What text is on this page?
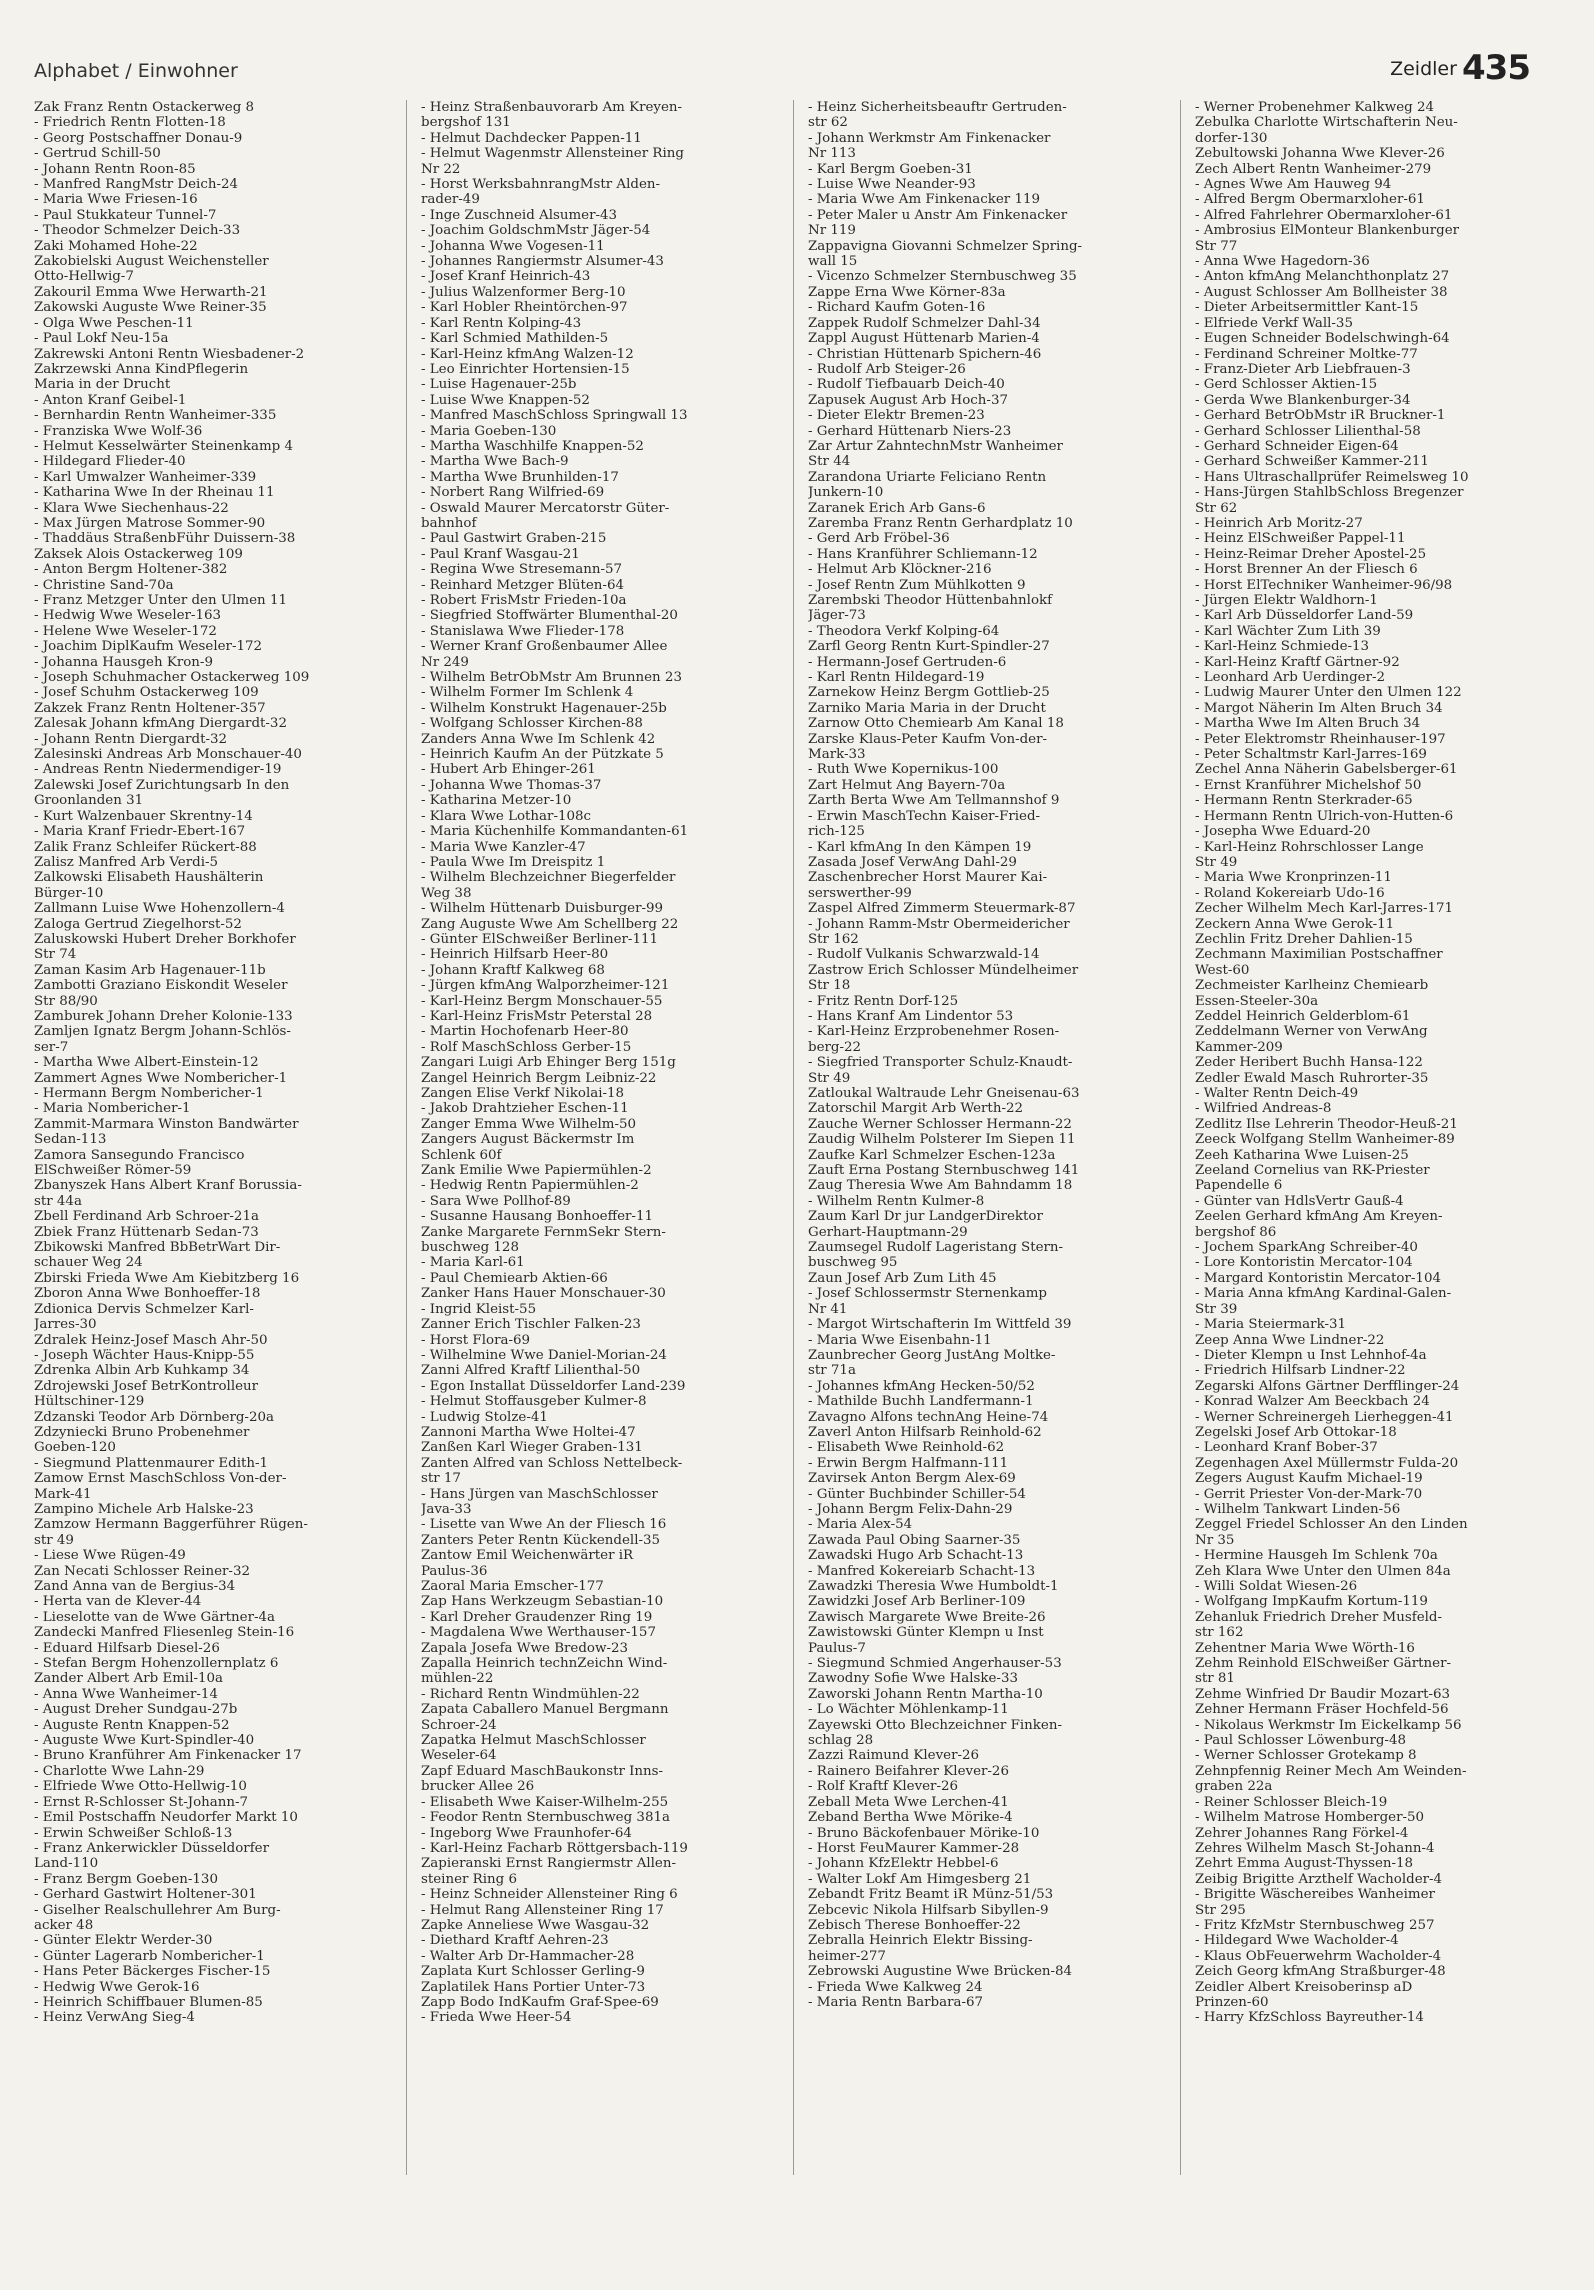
Alphabet / Einwohner	Zeidler 435
Zak Franz Rentn Ostackerweg 8
- Friedrich Rentn Flotten-18
- Georg Postschaffner Donau-9
- Gertrud Schill-50
- Johann Rentn Roon-85
- Manfred RangMstr Deich-24
- Maria Wwe Friesen-16
- Paul Stukkateur Tunnel-7
- Theodor Schmelzer Deich-33
Zaki Mohamed Hohe-22
Zakobielski August Weichensteller
Otto-Hellwig-7
Zakouril Emma Wwe Herwarth-21
Zakowski Auguste Wwe Reiner-35
- Olga Wwe Peschen-11
- Paul Lokf Neu-15a
Zakrewski Antoni Rentn Wiesbadener-2
Zakrzewski Anna KindPflegerin
Maria in der Drucht
- Anton Kranf Geibel-1
- Bernhardin Rentn Wanheimer-335
- Franziska Wwe Wolf-36
- Helmut Kesselwärter Steinenkamp 4
- Hildegard Flieder-40
- Karl Umwalzer Wanheimer-339
- Katharina Wwe In der Rheinau 11
- Klara Wwe Siechenhaus-22
- Max Jürgen Matrose Sommer-90
- Thaddäus StraßenbFühr Duissern-38
Zaksek Alois Ostackerweg 109
- Anton Bergm Holtener-382
- Christine Sand-70a
- Franz Metzger Unter den Ulmen 11
- Hedwig Wwe Weseler-163
- Helene Wwe Weseler-172
- Joachim DiplKaufm Weseler-172
- Johanna Hausgeh Kron-9
- Joseph Schuhmacher Ostackerweg 109
- Josef Schuhm Ostackerweg 109
Zakzek Franz Rentn Holtener-357
Zalesak Johann kfmAng Diergardt-32
- Johann Rentn Diergardt-32
Zalesinski Andreas Arb Monschauer-40
- Andreas Rentn Niedermendiger-19
Zalewski Josef Zurichtungsarb In den
Groonlanden 31
- Kurt Walzenbauer Skrentny-14
- Maria Kranf Friedr-Ebert-167
Zalik Franz Schleifer Rückert-88
Zalisz Manfred Arb Verdi-5
Zalkowski Elisabeth Haushälterin
Bürger-10
Zallmann Luise Wwe Hohenzollern-4
Zaloga Gertrud Ziegelhorst-52
Zaluskowski Hubert Dreher Borkhofer
Str 74
Zaman Kasim Arb Hagenauer-11b
Zambotti Graziano Eiskondit Weseler
Str 88/90
Zamburek Johann Dreher Kolonie-133
Zamljen Ignatz Bergm Johann-Schlös-
ser-7
- Martha Wwe Albert-Einstein-12
Zammert Agnes Wwe Nombericher-1
- Hermann Bergm Nombericher-1
- Maria Nombericher-1
Zammit-Marmara Winston Bandwärter
Sedan-113
Zamora Sansegundo Francisco
ElSchweißer Römer-59
Zbanyszek Hans Albert Kranf Borussia-
str 44a
Zbell Ferdinand Arb Schroer-21a
Zbiek Franz Hüttenarb Sedan-73
Zbikowski Manfred BbBetrWart Dir-
schauer Weg 24
Zbirski Frieda Wwe Am Kiebitzberg 16
Zboron Anna Wwe Bonhoeffer-18
Zdionica Dervis Schmelzer Karl-
Jarres-30
Zdralek Heinz-Josef Masch Ahr-50
- Joseph Wächter Haus-Knipp-55
Zdrenka Albin Arb Kuhkamp 34
Zdrojewski Josef BetrKontrolleur
Hültschiner-129
Zdzanski Teodor Arb Dörnberg-20a
Zdzyniecki Bruno Probenehmer
Goeben-120
- Siegmund Plattenmaurer Edith-1
Zamow Ernst MaschSchloss Von-der-
Mark-41
Zampino Michele Arb Halske-23
Zamzow Hermann Baggerführer Rügen-
str 49
- Liese Wwe Rügen-49
Zan Necati Schlosser Reiner-32
Zand Anna van de Bergius-34
- Herta van de Klever-44
- Lieselotte van de Wwe Gärtner-4a
Zandecki Manfred Fliesenleg Stein-16
- Eduard Hilfsarb Diesel-26
- Stefan Bergm Hohenzollernplatz 6
Zander Albert Arb Emil-10a
- Anna Wwe Wanheimer-14
- August Dreher Sundgau-27b
- Auguste Rentn Knappen-52
- Auguste Wwe Kurt-Spindler-40
- Bruno Kranführer Am Finkenacker 17
- Charlotte Wwe Lahn-29
- Elfriede Wwe Otto-Hellwig-10
- Ernst R-Schlosser St-Johann-7
- Emil Postschaffn Neudorfer Markt 10
- Erwin Schweißer Schloß-13
- Franz Ankerwickler Düsseldorfer
Land-110
- Franz Bergm Goeben-130
- Gerhard Gastwirt Holtener-301
- Giselher Realschullehrer Am Burg-
acker 48
- Günter Elektr Werder-30
- Günter Lagerarb Nombericher-1
- Hans Peter Bäckerges Fischer-15
- Hedwig Wwe Gerok-16
- Heinrich Schiffbauer Blumen-85
- Heinz VerwAng Sieg-4
- Heinz Straßenbauvorarb Am Kreyen-
bergshof 131
- Helmut Dachdecker Pappen-11
- Helmut Wagenmstr Allensteiner Ring
Nr 22
- Horst WerksbahnrangMstr Alden-
rader-49
- Inge Zuschneid Alsumer-43
- Joachim GoldschmMstr Jäger-54
- Johanna Wwe Vogesen-11
- Johannes Rangiermstr Alsumer-43
- Josef Kranf Heinrich-43
- Julius Walzenformer Berg-10
- Karl Hobler Rheintörchen-97
- Karl Rentn Kolping-43
- Karl Schmied Mathilden-5
- Karl-Heinz kfmAng Walzen-12
- Leo Einrichter Hortensien-15
- Luise Hagenauer-25b
- Luise Wwe Knappen-52
- Manfred MaschSchloss Springwall 13
- Maria Goeben-130
- Martha Waschhilfe Knappen-52
- Martha Wwe Bach-9
- Martha Wwe Brunhilden-17
- Norbert Rang Wilfried-69
- Oswald Maurer Mercatorstr Güter-
bahnhof
- Paul Gastwirt Graben-215
- Paul Kranf Wasgau-21
- Regina Wwe Stresemann-57
- Reinhard Metzger Blüten-64
- Robert FrisMstr Frieden-10a
- Siegfried Stoffwärter Blumenthal-20
- Stanislawa Wwe Flieder-178
- Werner Kranf Großenbaumer Allee
Nr 249
- Wilhelm BetrObMstr Am Brunnen 23
- Wilhelm Former Im Schlenk 4
- Wilhelm Konstrukt Hagenauer-25b
- Wolfgang Schlosser Kirchen-88
Zanders Anna Wwe Im Schlenk 42
- Heinrich Kaufm An der Pützkate 5
- Hubert Arb Ehinger-261
- Johanna Wwe Thomas-37
- Katharina Metzer-10
- Klara Wwe Lothar-108c
- Maria Küchenhilfe Kommandanten-61
- Maria Wwe Kanzler-47
- Paula Wwe Im Dreispitz 1
- Wilhelm Blechzeichner Biegerfelder
Weg 38
- Wilhelm Hüttenarb Duisburger-99
Zang Auguste Wwe Am Schellberg 22
- Günter ElSchweißer Berliner-111
- Heinrich Hilfsarb Heer-80
- Johann Kraftf Kalkweg 68
- Jürgen kfmAng Walporzheimer-121
- Karl-Heinz Bergm Monschauer-55
- Karl-Heinz FrisMstr Peterstal 28
- Martin Hochofenarb Heer-80
- Rolf MaschSchloss Gerber-15
Zangari Luigi Arb Ehinger Berg 151g
Zangel Heinrich Bergm Leibniz-22
Zangen Elise Verkf Nikolai-18
- Jakob Drahtzieher Eschen-11
Zanger Emma Wwe Wilhelm-50
Zangers August Bäckermstr Im
Schlenk 60f
Zank Emilie Wwe Papiermühlen-2
- Hedwig Rentn Papiermühlen-2
- Sara Wwe Pollhof-89
- Susanne Hausang Bonhoeffer-11
Zanke Margarete FernmSekr Stern-
buschweg 128
- Maria Karl-61
- Paul Chemiearb Aktien-66
Zanker Hans Hauer Monschauer-30
- Ingrid Kleist-55
Zanner Erich Tischler Falken-23
- Horst Flora-69
- Wilhelmine Wwe Daniel-Morian-24
Zanni Alfred Kraftf Lilienthal-50
- Egon Installat Düsseldorfer Land-239
- Helmut Stoffausgeber Kulmer-8
- Ludwig Stolze-41
Zannoni Martha Wwe Holtei-47
Zanßen Karl Wieger Graben-131
Zanten Alfred van Schloss Nettelbeck-
str 17
- Hans Jürgen van MaschSchlosser
Java-33
- Lisette van Wwe An der Fliesch 16
Zanters Peter Rentn Kückendell-35
Zantow Emil Weichenwärter iR
Paulus-36
Zaoral Maria Emscher-177
Zap Hans Werkzeugm Sebastian-10
- Karl Dreher Graudenzer Ring 19
- Magdalena Wwe Werthauser-157
Zapala Josefa Wwe Bredow-23
Zapalla Heinrich technZeichn Wind-
mühlen-22
- Richard Rentn Windmühlen-22
Zapata Caballero Manuel Bergmann
Schroer-24
Zapatka Helmut MaschSchlosser
Weseler-64
Zapf Eduard MaschBaukonstr Inns-
brucker Allee 26
- Elisabeth Wwe Kaiser-Wilhelm-255
- Feodor Rentn Sternbuschweg 381a
- Ingeborg Wwe Fraunhofer-64
- Karl-Heinz Facharb Röttgersbach-119
Zapieranski Ernst Rangiermstr Allen-
steiner Ring 6
- Heinz Schneider Allensteiner Ring 6
- Helmut Rang Allensteiner Ring 17
Zapke Anneliese Wwe Wasgau-32
- Diethard Kraftf Aehren-23
- Walter Arb Dr-Hammacher-28
Zaplata Kurt Schlosser Gerling-9
Zaplatilek Hans Portier Unter-73
Zapp Bodo IndKaufm Graf-Spee-69
- Frieda Wwe Heer-54
- Heinz Sicherheitsbeauftr Gertruden-
str 62
- Johann Werkmstr Am Finkenacker
Nr 113
- Karl Bergm Goeben-31
- Luise Wwe Neander-93
- Maria Wwe Am Finkenacker 119
- Peter Maler u Anstr Am Finkenacker
Nr 119
Zappavigna Giovanni Schmelzer Spring-
wall 15
- Vicenzo Schmelzer Sternbuschweg 35
Zappe Erna Wwe Körner-83a
- Richard Kaufm Goten-16
Zappek Rudolf Schmelzer Dahl-34
Zappl August Hüttenarb Marien-4
- Christian Hüttenarb Spichern-46
- Rudolf Arb Steiger-26
- Rudolf Tiefbauarb Deich-40
Zapusek August Arb Hoch-37
- Dieter Elektr Bremen-23
- Gerhard Hüttenarb Niers-23
Zar Artur ZahntechnMstr Wanheimer
Str 44
Zarandona Uriarte Feliciano Rentn
Junkern-10
Zaranek Erich Arb Gans-6
Zaremba Franz Rentn Gerhardplatz 10
- Gerd Arb Fröbel-36
- Hans Kranführer Schliemann-12
- Helmut Arb Klöckner-216
- Josef Rentn Zum Mühlkotten 9
Zarembski Theodor Hüttenbahnlokf
Jäger-73
- Theodora Verkf Kolping-64
Zarfl Georg Rentn Kurt-Spindler-27
- Hermann-Josef Gertruden-6
- Karl Rentn Hildegard-19
Zarnekow Heinz Bergm Gottlieb-25
Zarniko Maria Maria in der Drucht
Zarnow Otto Chemiearb Am Kanal 18
Zarske Klaus-Peter Kaufm Von-der-
Mark-33
- Ruth Wwe Kopernikus-100
Zart Helmut Ang Bayern-70a
Zarth Berta Wwe Am Tellmannshof 9
- Erwin MaschTechn Kaiser-Fried-
rich-125
- Karl kfmAng In den Kämpen 19
Zasada Josef VerwAng Dahl-29
Zaschenbrecher Horst Maurer Kai-
serswerther-99
Zaspel Alfred Zimmerm Steuermark-87
- Johann Ramm-Mstr Obermeidericher
Str 162
- Rudolf Vulkanis Schwarzwald-14
Zastrow Erich Schlosser Mündelheimer
Str 18
- Fritz Rentn Dorf-125
- Hans Kranf Am Lindentor 53
- Karl-Heinz Erzprobenehmer Rosen-
berg-22
- Siegfried Transporter Schulz-Knaudt-
Str 49
Zatloukal Waltraude Lehr Gneisenau-63
Zatorschil Margit Arb Werth-22
Zauche Werner Schlosser Hermann-22
Zaudig Wilhelm Polsterer Im Siepen 11
Zaufke Karl Schmelzer Eschen-123a
Zauft Erna Postang Sternbuschweg 141
Zaug Theresia Wwe Am Bahndamm 18
- Wilhelm Rentn Kulmer-8
Zaum Karl Dr jur LandgerDirektor
Gerhart-Hauptmann-29
Zaumsegel Rudolf Lageristang Stern-
buschweg 95
Zaun Josef Arb Zum Lith 45
- Josef Schlossermstr Sternenkamp
Nr 41
- Margot Wirtschafterin Im Wittfeld 39
- Maria Wwe Eisenbahn-11
Zaunbrecher Georg JustAng Moltke-
str 71a
- Johannes kfmAng Hecken-50/52
- Mathilde Buchh Landfermann-1
Zavagno Alfons technAng Heine-74
Zaverl Anton Hilfsarb Reinhold-62
- Elisabeth Wwe Reinhold-62
- Erwin Bergm Halfmann-111
Zavirsek Anton Bergm Alex-69
- Günter Buchbinder Schiller-54
- Johann Bergm Felix-Dahn-29
- Maria Alex-54
Zawada Paul Obing Saarner-35
Zawadski Hugo Arb Schacht-13
- Manfred Kokereiarb Schacht-13
Zawadzki Theresia Wwe Humboldt-1
Zawidzki Josef Arb Berliner-109
Zawisch Margarete Wwe Breite-26
Zawistowski Günter Klempn u Inst
Paulus-7
- Siegmund Schmied Angerhauser-53
Zawodny Sofie Wwe Halske-33
Zaworski Johann Rentn Martha-10
- Lo Wächter Möhlenkamp-11
Zayewski Otto Blechzeichner Finken-
schlag 28
Zazzi Raimund Klever-26
- Rainero Beifahrer Klever-26
- Rolf Kraftf Klever-26
Zeball Meta Wwe Lerchen-41
Zeband Bertha Wwe Mörike-4
- Bruno Bäckofenbauer Mörike-10
- Horst FeuMaurer Kammer-28
- Johann KfzElektr Hebbel-6
- Walter Lokf Am Himgesberg 21
Zebandt Fritz Beamt iR Münz-51/53
Zebcevic Nikola Hilfsarb Sibyllen-9
Zebisch Therese Bonhoeffer-22
Zebralla Heinrich Elektr Bissing-
heimer-277
Zebrowski Augustine Wwe Brücken-84
- Frieda Wwe Kalkweg 24
- Maria Rentn Barbara-67
- Werner Probenehmer Kalkweg 24
Zebulka Charlotte Wirtschafterin Neu-
dorfer-130
Zebultowski Johanna Wwe Klever-26
Zech Albert Rentn Wanheimer-279
- Agnes Wwe Am Hauweg 94
- Alfred Bergm Obermarxloher-61
- Alfred Fahrlehrer Obermarxloher-61
- Ambrosius ElMonteur Blankenburger
Str 77
- Anna Wwe Hagedorn-36
- Anton kfmAng Melanchthonplatz 27
- August Schlosser Am Bollheister 38
- Dieter Arbeitsermittler Kant-15
- Elfriede Verkf Wall-35
- Eugen Schneider Bodelschwingh-64
- Ferdinand Schreiner Moltke-77
- Franz-Dieter Arb Liebfrauen-3
- Gerd Schlosser Aktien-15
- Gerda Wwe Blankenburger-34
- Gerhard BetrObMstr iR Bruckner-1
- Gerhard Schlosser Lilienthal-58
- Gerhard Schneider Eigen-64
- Gerhard Schweißer Kammer-211
- Hans Ultraschallprüfer Reimelsweg 10
- Hans-Jürgen StahlbSchloss Bregenzer
Str 62
- Heinrich Arb Moritz-27
- Heinz ElSchweißer Pappel-11
- Heinz-Reimar Dreher Apostel-25
- Horst Brenner An der Fliesch 6
- Horst ElTechniker Wanheimer-96/98
- Jürgen Elektr Waldhorn-1
- Karl Arb Düsseldorfer Land-59
- Karl Wächter Zum Lith 39
- Karl-Heinz Schmiede-13
- Karl-Heinz Kraftf Gärtner-92
- Leonhard Arb Uerdinger-2
- Ludwig Maurer Unter den Ulmen 122
- Margot Näherin Im Alten Bruch 34
- Martha Wwe Im Alten Bruch 34
- Peter Elektromstr Rheinhauser-197
- Peter Schaltmstr Karl-Jarres-169
Zechel Anna Näherin Gabelsberger-61
- Ernst Kranführer Michelshof 50
- Hermann Rentn Sterkrader-65
- Hermann Rentn Ulrich-von-Hutten-6
- Josepha Wwe Eduard-20
- Karl-Heinz Rohrschlosser Lange
Str 49
- Maria Wwe Kronprinzen-11
- Roland Kokereiarb Udo-16
Zecher Wilhelm Mech Karl-Jarres-171
Zeckern Anna Wwe Gerok-11
Zechlin Fritz Dreher Dahlien-15
Zechmann Maximilian Postschaffner
West-60
Zechmeister Karlheinz Chemiearb
Essen-Steeler-30a
Zeddel Heinrich Gelderblom-61
Zeddelmann Werner von VerwAng
Kammer-209
Zeder Heribert Buchh Hansa-122
Zedler Ewald Masch Ruhrorter-35
- Walter Rentn Deich-49
- Wilfried Andreas-8
Zedlitz Ilse Lehrerin Theodor-Heuß-21
Zeeck Wolfgang Stellm Wanheimer-89
Zeeh Katharina Wwe Luisen-25
Zeeland Cornelius van RK-Priester
Papendelle 6
- Günter van HdlsVertr Gauß-4
Zeelen Gerhard kfmAng Am Kreyen-
bergshof 86
- Jochem SparkAng Schreiber-40
- Lore Kontoristin Mercator-104
- Margard Kontoristin Mercator-104
- Maria Anna kfmAng Kardinal-Galen-
Str 39
- Maria Steiermark-31
Zeep Anna Wwe Lindner-22
- Dieter Klempn u Inst Lehnhof-4a
- Friedrich Hilfsarb Lindner-22
Zegarski Alfons Gärtner Derfflinger-24
- Konrad Walzer Am Beeckbach 24
- Werner Schreinergeh Lierheggen-41
Zegelski Josef Arb Ottokar-18
- Leonhard Kranf Bober-37
Zegenhagen Axel Müllermstr Fulda-20
Zegers August Kaufm Michael-19
- Gerrit Priester Von-der-Mark-70
- Wilhelm Tankwart Linden-56
Zeggel Friedel Schlosser An den Linden
Nr 35
- Hermine Hausgeh Im Schlenk 70a
Zeh Klara Wwe Unter den Ulmen 84a
- Willi Soldat Wiesen-26
- Wolfgang ImpKaufm Kortum-119
Zehanluk Friedrich Dreher Musfeld-
str 162
Zehentner Maria Wwe Wörth-16
Zehm Reinhold ElSchweißer Gärtner-
str 81
Zehme Winfried Dr Baudir Mozart-63
Zehner Hermann Fräser Hochfeld-56
- Nikolaus Werkmstr Im Eickelkamp 56
- Paul Schlosser Löwenburg-48
- Werner Schlosser Grotekamp 8
Zehnpfennig Reiner Mech Am Weinden-
graben 22a
- Reiner Schlosser Bleich-19
- Wilhelm Matrose Homberger-50
Zehrer Johannes Rang Förkel-4
Zehres Wilhelm Masch St-Johann-4
Zehrt Emma August-Thyssen-18
Zeibig Brigitte Arzthelf Wacholder-4
- Brigitte Wäschereibes Wanheimer
Str 295
- Fritz KfzMstr Sternbuschweg 257
- Hildegard Wwe Wacholder-4
- Klaus ObFeuerwehrm Wacholder-4
Zeich Georg kfmAng Straßburger-48
Zeidler Albert Kreisoberinsp aD
Prinzen-60
- Harry KfzSchloss Bayreuther-14
